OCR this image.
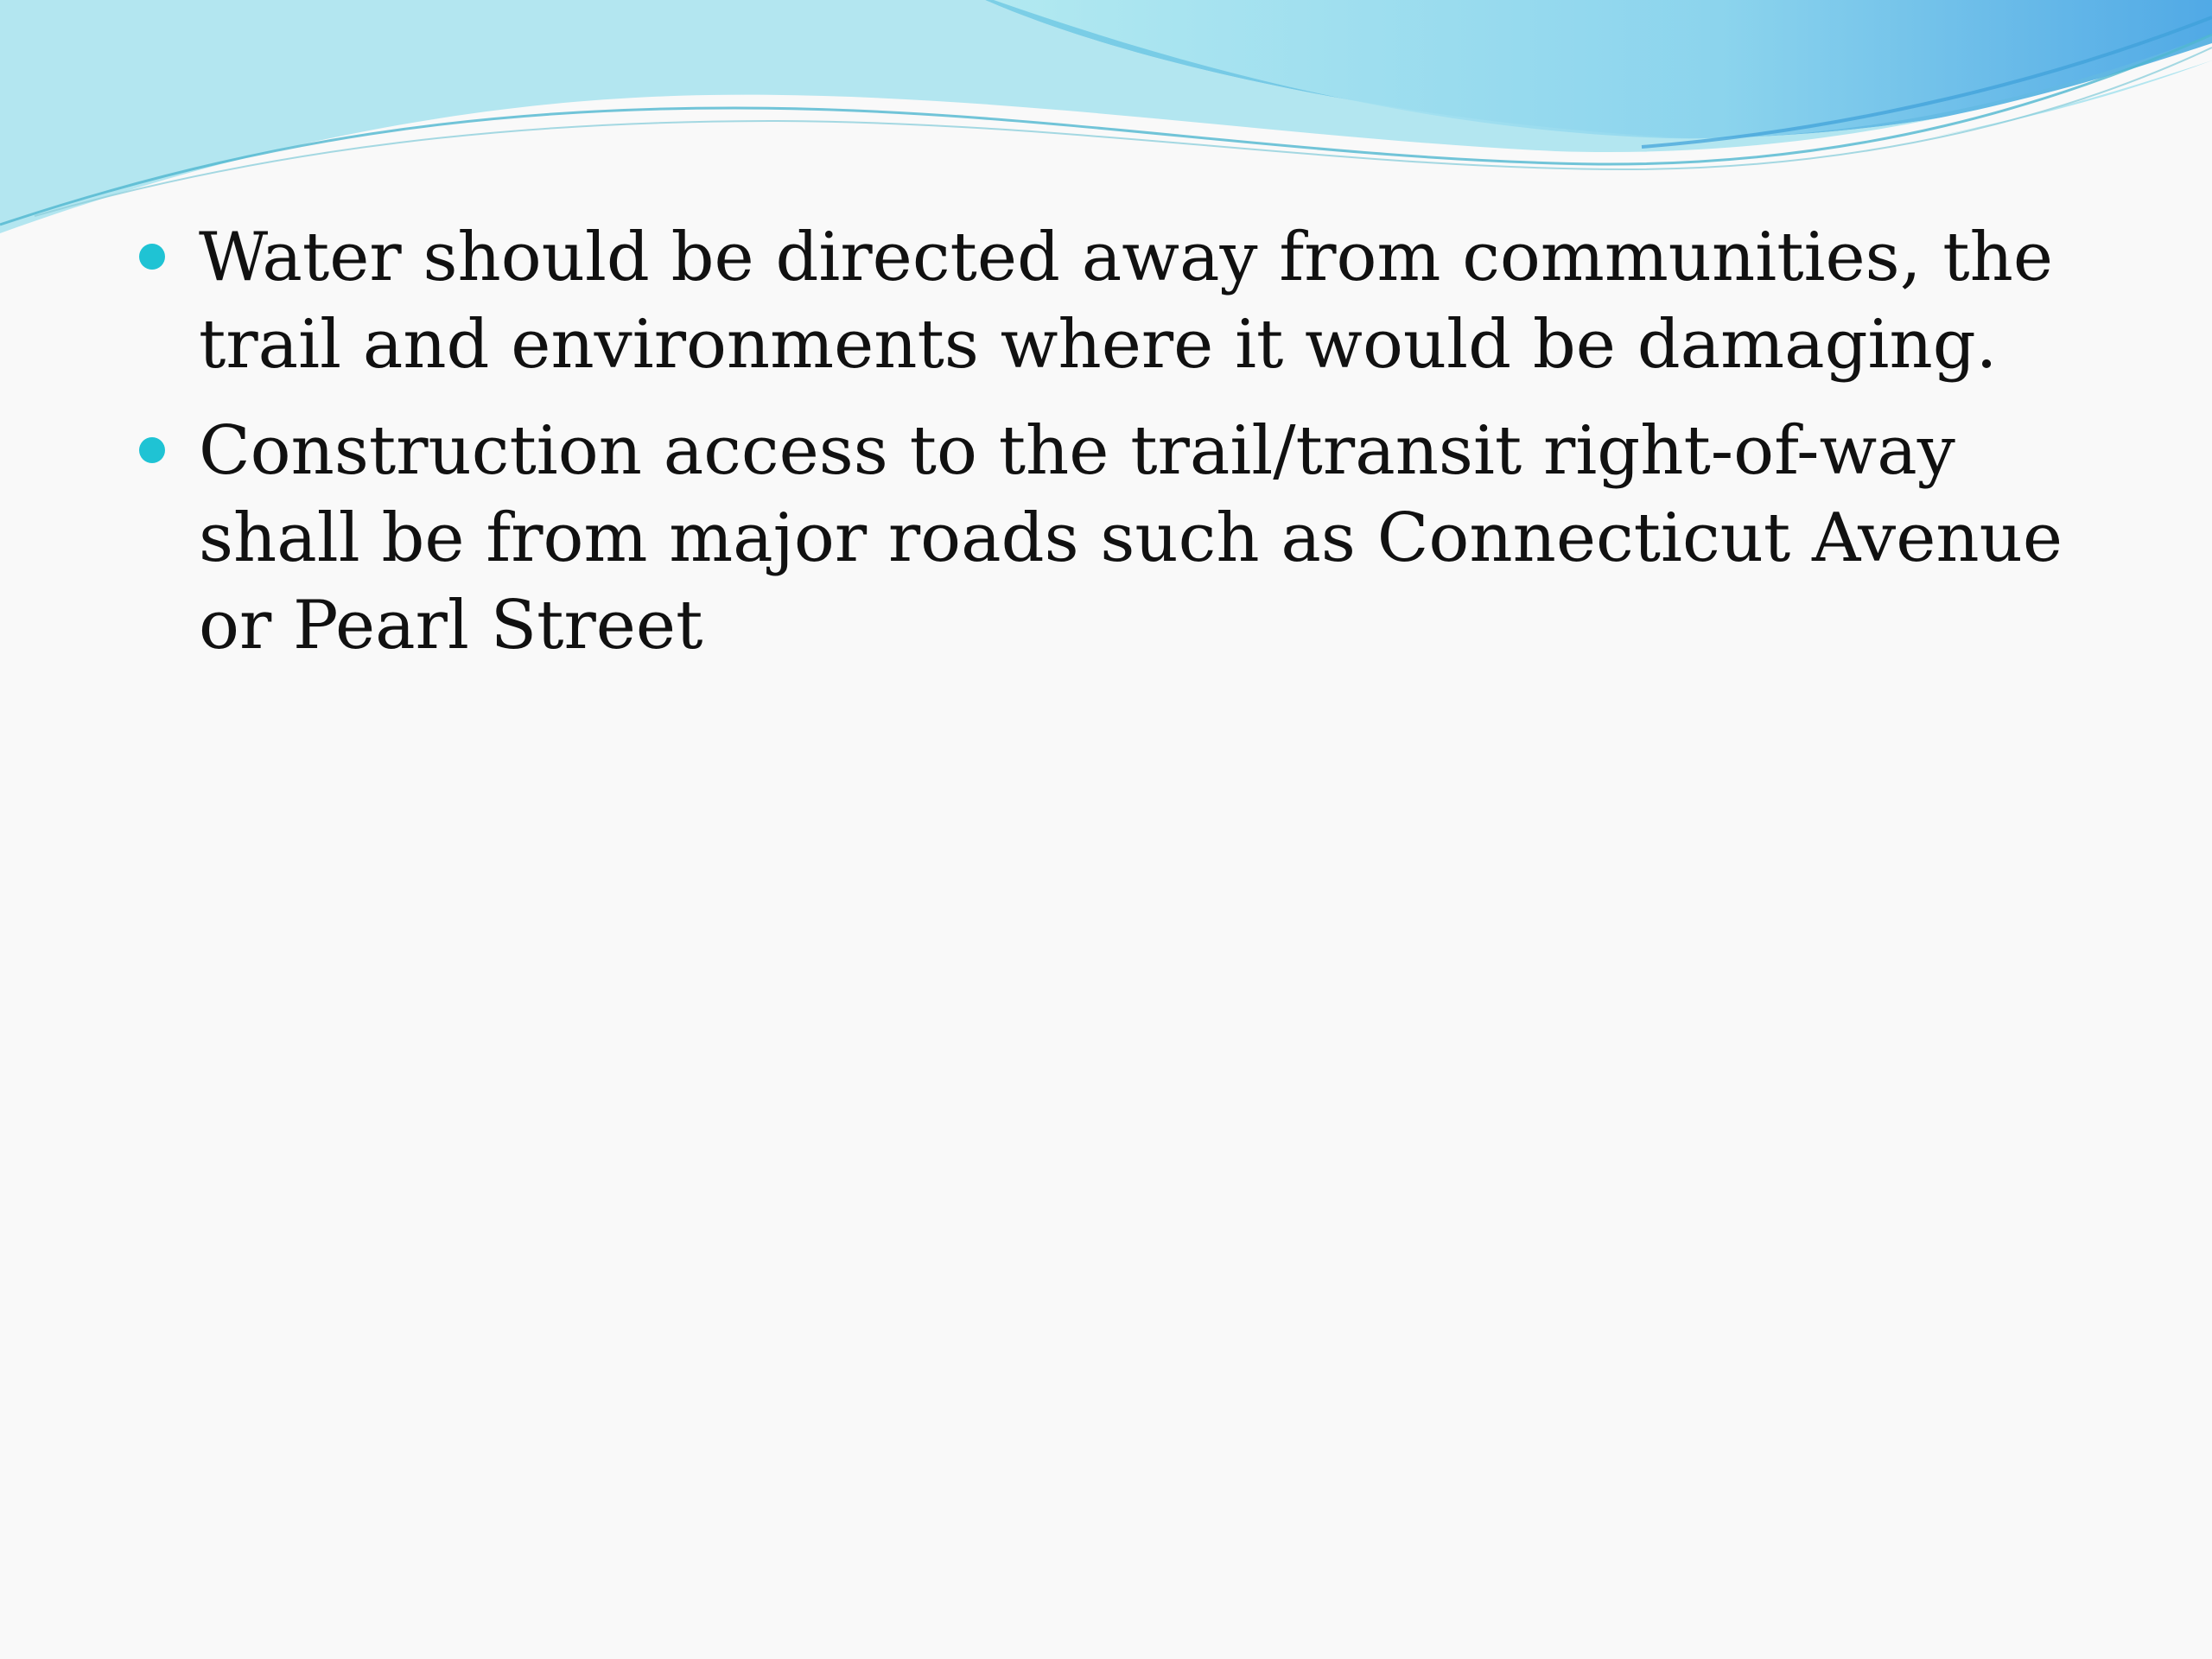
Water should be directed away from communities, the trail and environments where it would be damaging.
Construction access to the trail/transit right-of-way shall be from major roads such as Connecticut Avenue or Pearl Street
